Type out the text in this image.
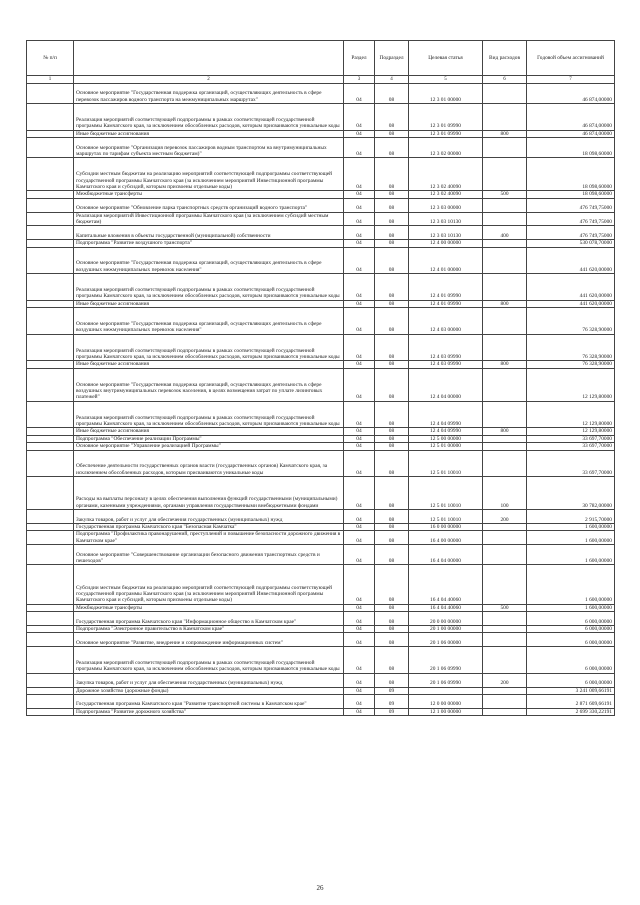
№ п/п		Раздел	Подраздел	Целевая статья	Вид расходов	Годовой объем ассигнований
1	2	3	4	5	6	7
	Основное мероприятие "Государственная поддержка организаций, осуществляющих деятельность в сфере перевозок пассажиров водного транспорта на межмуниципальных маршрутах"	04	08	12 3 01 00000		46 874,00000
	Реализация мероприятий соответствующей подпрограммы в рамках соответствующей государственной программы Камчатского края, за исключением обособленных расходов, которым присваиваются уникальные коды	04	08	12 3 01 09990		46 874,00000
	Иные бюджетные ассигнования	04	08	12 3 01 09990	800	46 874,00000
	Основное мероприятие "Организация перевозок пассажиров водным транспортом на внутримуниципальных маршрутах по тарифам субъекта местным бюджетам)"	04	08	12 3 02 00000		18 098,60000
	Субсидии местным бюджетам на реализацию мероприятий соответствующей подпрограммы соответствующей государственной программы Камчатского края (за исключением мероприятий Инвестиционной программы Камчатского края и субсидий, которым присвоены отдельные коды)	04	08	12 3 02 40090		18 098,60000
	Межбюджетные трансферты	04	08	12 3 02 40090	500	18 098,60000
	Основное мероприятие "Обновление парка транспортных средств организаций водного транспорта"	04	08	12 3 03 00000		476 749,75000
	Реализация мероприятий Инвестиционной программы Камчатского края (за исключением субсидий местным бюджетам)	04	08	12 3 03 10130		476 749,75000
	Капитальные вложения в объекты государственной (муниципальной) собственности	04	08	12 3 03 10130	400	476 749,75000
	Подпрограмма "Развитие воздушного транспорта"	04	08	12 4 00 00000		530 078,70000
	Основное мероприятие "Государственная поддержка организаций, осуществляющих деятельность в сфере воздушных межмуниципальных перевозок населения"	04	08	12 4 01 00000		441 620,00000
	Реализация мероприятий соответствующей подпрограммы в рамках соответствующей государственной программы Камчатского края, за исключением обособленных расходов, которым присваиваются уникальные коды	04	08	12 4 01 09990		441 620,00000
	Иные бюджетные ассигнования	04	08	12 4 01 09990	800	441 620,00000
	Основное мероприятие "Государственная поддержка организаций, осуществляющих деятельность в сфере воздушных межмуниципальных перевозок населения"	04	08	12 4 03 00000		76 328,90000
	Реализация мероприятий соответствующей подпрограммы в рамках соответствующей государственной программы Камчатского края, за исключением обособленных расходов, которым присваиваются уникальные коды	04	08	12 4 03 09990		76 328,90000
	Иные бюджетные ассигнования	04	08	12 4 03 09990	800	76 328,90000
	Основное мероприятие "Государственная поддержка организаций, осуществляющих деятельность в сфере воздушных внутримуниципальных перевозок населения, в целях возмещения затрат по уплате лизинговых платежей"	04	08	12 4 04 00000		12 129,80000
	Реализация мероприятий соответствующей подпрограммы в рамках соответствующей государственной программы Камчатского края, за исключением обособленных расходов, которым присваиваются уникальные коды	04	08	12 4 04 09990		12 129,80000
	Иные бюджетные ассигнования	04	08	12 4 04 09990	800	12 129,80000
	Подпрограмма "Обеспечение реализации Программы"	04	08	12 5 00 00000		33 697,70000
	Основное мероприятие "Управление реализацией Программы"	04	08	12 5 01 00000		33 697,70000
	Обеспечение деятельности государственных органов власти (государственных органов) Камчатского края, за исключением обособленных расходов, которым присваиваются уникальные коды	04	08	12 5 01 10010		33 697,70000
	Расходы на выплаты персоналу в целях обеспечения выполнения функций государственными (муниципальными) органами, казенными учреждениями, органами управления государственными внебюджетными фондами	04	08	12 5 01 10010	100	30 782,00000
	Закупка товаров, работ и услуг для обеспечения государственных (муниципальных) нужд	04	08	12 5 01 10010	200	2 915,70000
	Государственная программа Камчатского края "Безопасная Камчатка"	04	08	16 0 00 00000		1 600,00000
	Подпрограмма "Профилактика правонарушений, преступлений и повышение безопасности дорожного движения в Камчатском крае"	04	08	16 4 00 00000		1 600,00000
	Основное мероприятие "Совершенствование организации безопасного движения транспортных средств и пешеходов"	04	08	16 4 04 00000		1 600,00000
	Субсидии местным бюджетам на реализацию мероприятий соответствующей подпрограммы соответствующей государственной программы Камчатского края (за исключением мероприятий Инвестиционной программы Камчатского края и субсидий, которым присвоены отдельные коды)	04	08	16 4 04 40060		1 600,00000
	Межбюджетные трансферты	04	08	16 4 04 40060	500	1 600,00000
	Государственная программа Камчатского края "Информационное общество в Камчатском крае"	04	08	20 0 00 00000		6 000,00000
	Подпрограмма "Электронное правительство в Камчатском крае"	04	08	20 1 00 00000		6 000,00000
	Основное мероприятие "Развитие, внедрение и сопровождение информационных систем"	04	08	20 1 06 00000		6 000,00000
	Реализация мероприятий соответствующей подпрограммы в рамках соответствующей государственной программы Камчатского края, за исключением обособленных расходов, которым присваиваются уникальные коды	04	08	20 1 06 09990		6 000,00000
	Закупка товаров, работ и услуг для обеспечения государственных (муниципальных) нужд	04	08	20 1 06 09990	200	6 000,00000
	Дорожное хозяйство (дорожные фонды)	04	09			3 241 009,66191
	Государственная программа Камчатского края "Развитие транспортной системы в Камчатском крае"	04	09	12 0 00 00000		2 871 609,66191
	Подпрограмма "Развитие дорожного хозяйства"	04	09	12 1 00 00000		2 699 330,22191
26
